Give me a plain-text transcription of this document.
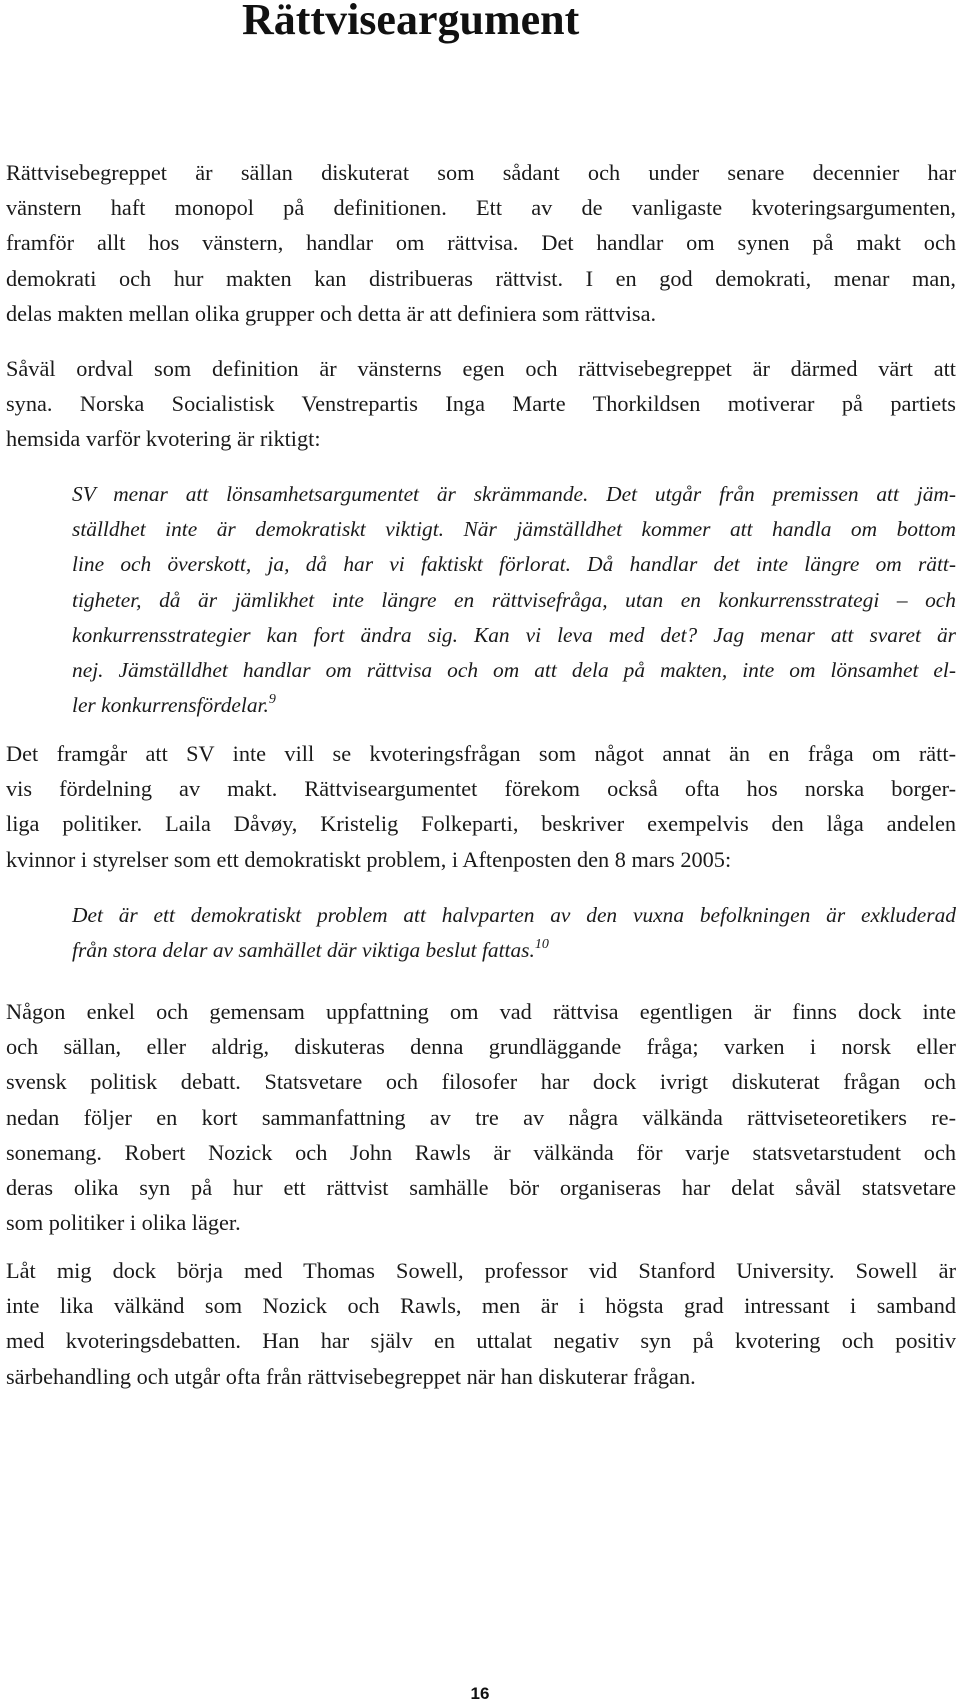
Rättviseargument

Rättvisebegreppet är sällan diskuterat som sådant och under senare decennier har
vänstern haft monopol på definitionen. Ett av de vanligaste kvoteringsargumenten,
framför allt hos vänstern, handlar om rättvisa. Det handlar om synen på makt och
demokrati och hur makten kan distribueras rättvist. I en god demokrati, menar man,
delas makten mellan olika grupper och detta är att definiera som rättvisa.

Såväl ordval som definition är vänsterns egen och rättvisebegreppet är därmed värt att
syna. Norska Socialistisk Venstrepartis Inga Marte Thorkildsen motiverar på partiets
hemsida varför kvotering är riktigt:

SV menar att lönsamhetsargumentet är skrämmande. Det utgår från premissen att jäm-
ställdhet inte är demokratiskt viktigt. När jämställdhet kommer att handla om bottom
line och överskott, ja, då har vi faktiskt förlorat. Då handlar det inte längre om rätt-
tigheter, då är jämlikhet inte längre en rättvisefråga, utan en konkurrensstrategi – och
konkurrensstrategier kan fort ändra sig. Kan vi leva med det? Jag menar att svaret är
nej. Jämställdhet handlar om rättvisa och om att dela på makten, inte om lönsamhet el-
ler konkurrensfördelar.$^9$

Det framgår att SV inte vill se kvoteringsfrågan som något annat än en fråga om rätt-
vis fördelning av makt. Rättviseargumentet förekom också ofta hos norska borger-
liga politiker. Laila Dåvøy, Kristelig Folkeparti, beskriver exempelvis den låga andelen
kvinnor i styrelser som ett demokratiskt problem, i Aftenposten den 8 mars 2005:

Det är ett demokratiskt problem att halvparten av den vuxna befolkningen är exkluderad
från stora delar av samhället där viktiga beslut fattas.$^{10}$

Någon enkel och gemensam uppfattning om vad rättvisa egentligen är finns dock inte
och sällan, eller aldrig, diskuteras denna grundläggande fråga; varken i norsk eller
svensk politisk debatt. Statsvetare och filosofer har dock ivrigt diskuterat frågan och
nedan följer en kort sammanfattning av tre av några välkända rättviseteoretikers re-
sonemang. Robert Nozick och John Rawls är välkända för varje statsvetarstudent och
deras olika syn på hur ett rättvist samhälle bör organiseras har delat såväl statsvetare
som politiker i olika läger.

Låt mig dock börja med Thomas Sowell, professor vid Stanford University. Sowell är
inte lika välkänd som Nozick och Rawls, men är i högsta grad intressant i samband
med kvoteringsdebatten. Han har själv en uttalat negativ syn på kvotering och positiv
särbehandling och utgår ofta från rättvisebegreppet när han diskuterar frågan.

16
